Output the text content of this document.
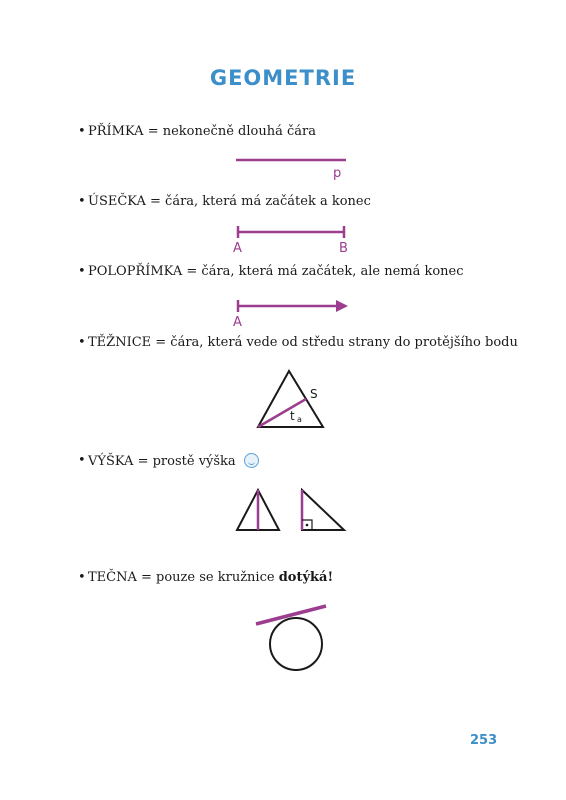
GEOMETRIE
• PŘÍMKA = nekonečně dlouhá čára
p
• ÚSEČKA = čára, která má začátek a konec
A	B
• POLOPŘÍMKA = čára, která má začátek, ale nemá konec
A
• TĚŽNICE = čára, která vede od středu strany do protějšího bodu
S
t a
• VÝŠKA = prostě výška
• TEČNA = pouze se kružnice dotýká!
253
